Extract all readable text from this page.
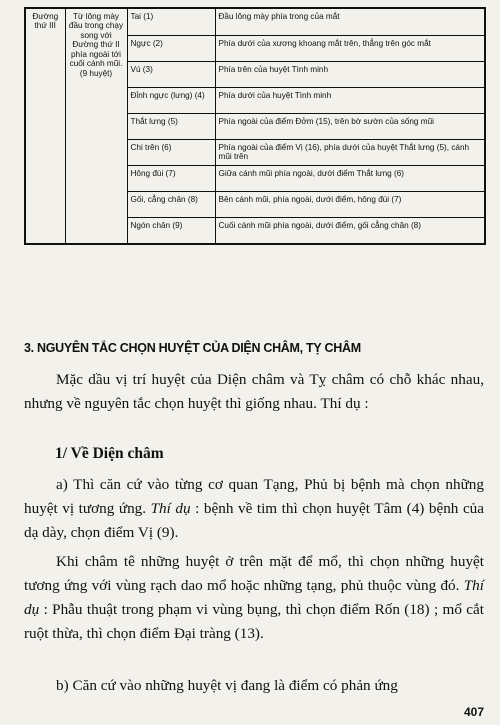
Đường thứ III	Từ lông mày đầu trong chạy song với Đường thứ II phía ngoài tới cuối cánh mũi. (9 huyệt)	Tai (1)	Đầu lông mày phía trong của mắt
		Ngực (2)	Phía dưới của xương khoang mắt trên, thẳng trên góc mắt
		Vú (3)	Phía trên của huyệt Tình minh
		Đỉnh ngực (lưng) (4)	Phía dưới của huyệt Tình minh
		Thắt lưng (5)	Phía ngoài của điểm Đởm (15), trên bờ sườn của sống mũi
		Chi trên (6)	Phía ngoài của điểm Vị (16), phía dưới của huyệt Thắt lưng (5), cánh mũi trên
		Hông đùi (7)	Giữa cánh mũi phía ngoài, dưới điểm Thắt lưng (6)
		Gối, cẳng chân (8)	Bên cánh mũi, phía ngoài, dưới điểm, hông đùi (7)
		Ngón chân (9)	Cuối cánh mũi phía ngoài, dưới điểm, gối cẳng chân (8)
3. NGUYÊN TẮC CHỌN HUYỆT CỦA DIỆN CHÂM, TỴ CHÂM
Mặc dầu vị trí huyệt của Diện châm và Tỵ châm có chỗ khác nhau, nhưng về nguyên tắc chọn huyệt thì giống nhau. Thí dụ :
1/ Về Diện châm
a) Thì căn cứ vào từng cơ quan Tạng, Phủ bị bệnh mà chọn những huyệt vị tương ứng. Thí dụ : bệnh về tim thì chọn huyệt Tâm (4) bệnh của dạ dày, chọn điểm Vị (9).
Khi châm tê những huyệt ở trên mặt để mổ, thì chọn những huyệt tương ứng với vùng rạch dao mổ hoặc những tạng, phủ thuộc vùng đó. Thí dụ : Phẫu thuật trong phạm vi vùng bụng, thì chọn điểm Rốn (18) ; mổ cắt ruột thừa, thì chọn điểm Đại tràng (13).
b) Căn cứ vào những huyệt vị đang là điểm có phản ứng
407
